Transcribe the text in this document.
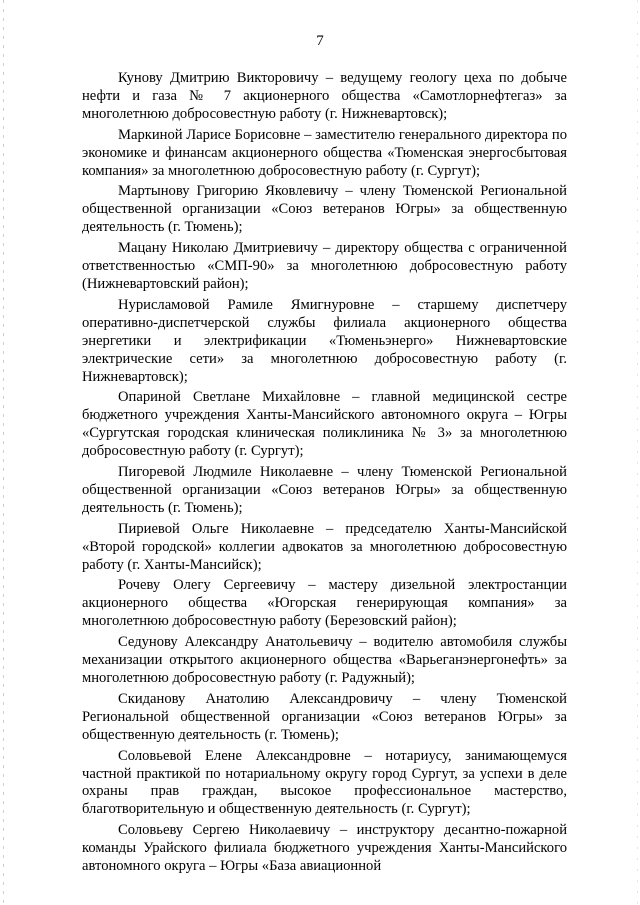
7

Кунову Дмитрию Викторовичу – ведущему геологу цеха по добыче нефти и газа № 7 акционерного общества «Самотлорнефтегаз» за многолетнюю добросовестную работу (г. Нижневартовск);

Маркиной Ларисе Борисовне – заместителю генерального директора по экономике и финансам акционерного общества «Тюменская энергосбытовая компания» за многолетнюю добросовестную работу (г. Сургут);

Мартынову Григорию Яковлевичу – члену Тюменской Региональной общественной организации «Союз ветеранов Югры» за общественную деятельность (г. Тюмень);

Мацану Николаю Дмитриевичу – директору общества с ограниченной ответственностью «СМП-90» за многолетнюю добросовестную работу (Нижневартовский район);

Нурисламовой Рамиле Ямигнуровне – старшему диспетчеру оперативно-диспетчерской службы филиала акционерного общества энергетики и электрификации «Тюменьэнерго» Нижневартовские электрические сети» за многолетнюю добросовестную работу (г. Нижневартовск);

Опариной Светлане Михайловне – главной медицинской сестре бюджетного учреждения Ханты-Мансийского автономного округа – Югры «Сургутская городская клиническая поликлиника № 3» за многолетнюю добросовестную работу (г. Сургут);

Пигоревой Людмиле Николаевне – члену Тюменской Региональной общественной организации «Союз ветеранов Югры» за общественную деятельность (г. Тюмень);

Пириевой Ольге Николаевне – председателю Ханты-Мансийской «Второй городской» коллегии адвокатов за многолетнюю добросовестную работу (г. Ханты-Мансийск);

Рочеву Олегу Сергеевичу – мастеру дизельной электростанции акционерного общества «Югорская генерирующая компания» за многолетнюю добросовестную работу (Березовский район);

Седунову Александру Анатольевичу – водителю автомобиля службы механизации открытого акционерного общества «Варьеганэнергонефть» за многолетнюю добросовестную работу (г. Радужный);

Скиданову Анатолию Александровичу – члену Тюменской Региональной общественной организации «Союз ветеранов Югры» за общественную деятельность (г. Тюмень);

Соловьевой Елене Александровне – нотариусу, занимающемуся частной практикой по нотариальному округу город Сургут, за успехи в деле охраны прав граждан, высокое профессиональное мастерство, благотворительную и общественную деятельность (г. Сургут);

Соловьеву Сергею Николаевичу – инструктору десантно-пожарной команды Урайского филиала бюджетного учреждения Ханты-Мансийского автономного округа – Югры «База авиационной
